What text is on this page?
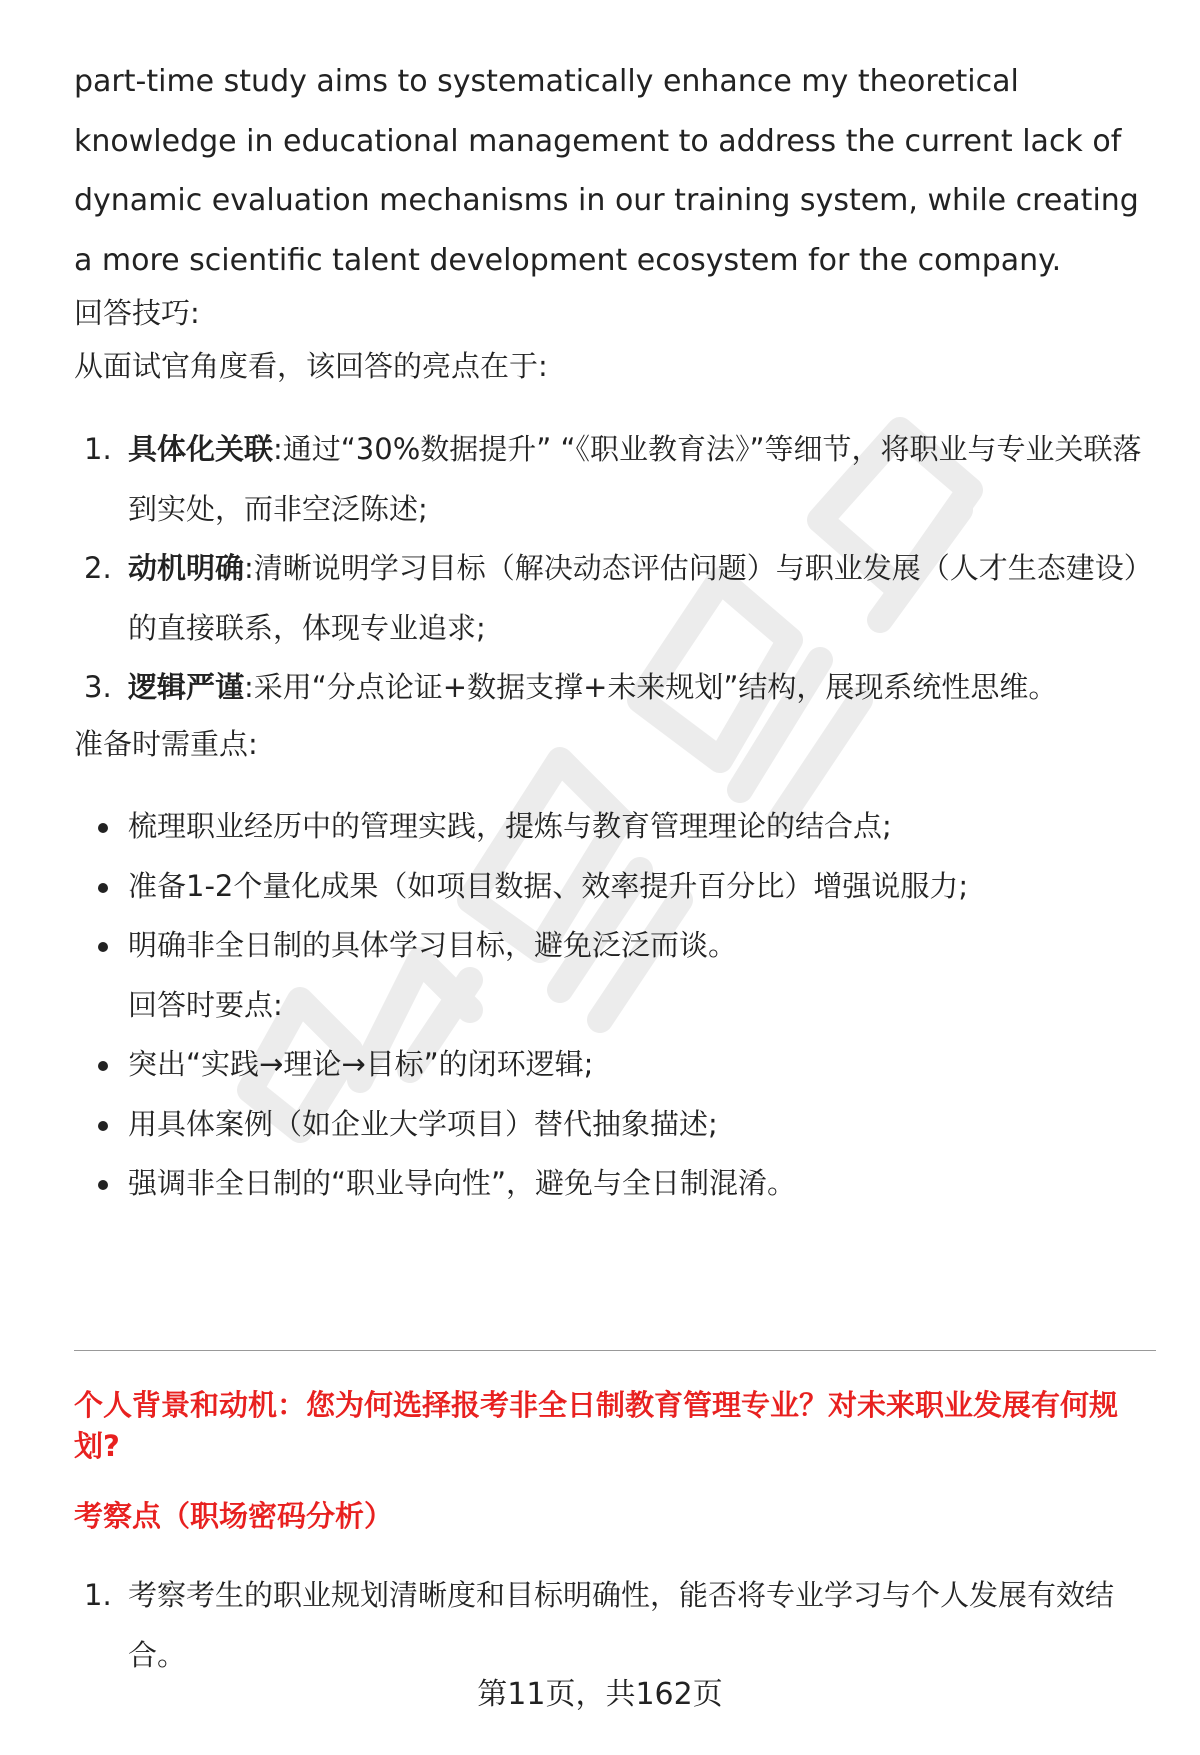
part-time study aims to systematically enhance my theoretical knowledge in educational management to address the current lack of dynamic evaluation mechanisms in our training system, while creating a more scientific talent development ecosystem for the company.

回答技巧:

从面试官角度看，该回答的亮点在于:

1. 具体化关联:通过“30%数据提升” “《职业教育法》”等细节，将职业与专业关联落到实处，而非空泛陈述;
2. 动机明确:清晰说明学习目标（解决动态评估问题）与职业发展（人才生态建设）的直接联系，体现专业追求;
3. 逻辑严谨:采用“分点论证+数据支撑+未来规划”结构，展现系统性思维。

准备时需重点:

梳理职业经历中的管理实践，提炼与教育管理理论的结合点;
准备1-2个量化成果（如项目数据、效率提升百分比）增强说服力;
明确非全日制的具体学习目标，避免泛泛而谈。
回答时要点:
突出“实践→理论→目标”的闭环逻辑;
用具体案例（如企业大学项目）替代抽象描述;
强调非全日制的“职业导向性”，避免与全日制混淆。

个人背景和动机：您为何选择报考非全日制教育管理专业？对未来职业发展有何规划?

考察点（职场密码分析）

1. 考察考生的职业规划清晰度和目标明确性，能否将专业学习与个人发展有效结合。
第11页，共162页
